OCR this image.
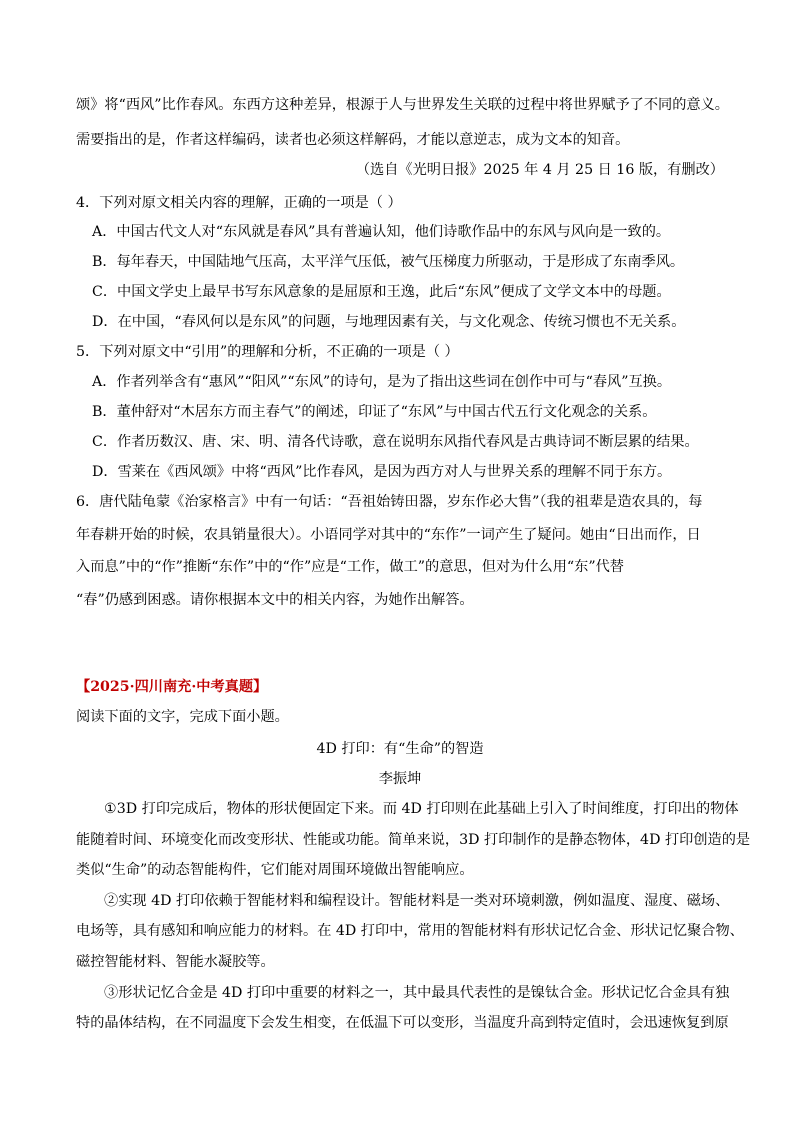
颂》将“西风”比作春风。东西方这种差异，根源于人与世界发生关联的过程中将世界赋予了不同的意义。
需要指出的是，作者这样编码，读者也必须这样解码，才能以意逆志，成为文本的知音。
（选自《光明日报》2025 年 4 月 25 日 16 版，有删改）
4．下列对原文相关内容的理解，正确的一项是（ ）
A．中国古代文人对“东风就是春风”具有普遍认知，他们诗歌作品中的东风与风向是一致的。
B．每年春天，中国陆地气压高，太平洋气压低，被气压梯度力所驱动，于是形成了东南季风。
C．中国文学史上最早书写东风意象的是屈原和王逸，此后“东风”便成了文学文本中的母题。
D．在中国，“春风何以是东风”的问题，与地理因素有关，与文化观念、传统习惯也不无关系。
5．下列对原文中“引用”的理解和分析，不正确的一项是（ ）
A．作者列举含有“惠风”“阳风”“东风”的诗句，是为了指出这些词在创作中可与“春风”互换。
B．董仲舒对“木居东方而主春气”的阐述，印证了“东风”与中国古代五行文化观念的关系。
C．作者历数汉、唐、宋、明、清各代诗歌，意在说明东风指代春风是古典诗词不断层累的结果。
D．雪莱在《西风颂》中将“西风”比作春风，是因为西方对人与世界关系的理解不同于东方。
6．唐代陆龟蒙《治家格言》中有一句话：“吾祖始铸田器，岁东作必大售”（我的祖辈是造农具的，每
年春耕开始的时候，农具销量很大）。小语同学对其中的“东作”一词产生了疑问。她由“日出而作，日
入而息”中的“作”推断“东作”中的“作”应是“工作，做工”的意思，但对为什么用“东”代替
“春”仍感到困惑。请你根据本文中的相关内容，为她作出解答。
【2025·四川南充·中考真题】
阅读下面的文字，完成下面小题。
4D 打印：有“生命”的智造
李振坤
①3D 打印完成后，物体的形状便固定下来。而 4D 打印则在此基础上引入了时间维度，打印出的物体
能随着时间、环境变化而改变形状、性能或功能。简单来说，3D 打印制作的是静态物体，4D 打印创造的是
类似“生命”的动态智能构件，它们能对周围环境做出智能响应。
②实现 4D 打印依赖于智能材料和编程设计。智能材料是一类对环境刺激，例如温度、湿度、磁场、
电场等，具有感知和响应能力的材料。在 4D 打印中，常用的智能材料有形状记忆合金、形状记忆聚合物、
磁控智能材料、智能水凝胶等。
③形状记忆合金是 4D 打印中重要的材料之一，其中最具代表性的是镍钛合金。形状记忆合金具有独
特的晶体结构，在不同温度下会发生相变，在低温下可以变形，当温度升高到特定值时，会迅速恢复到原
